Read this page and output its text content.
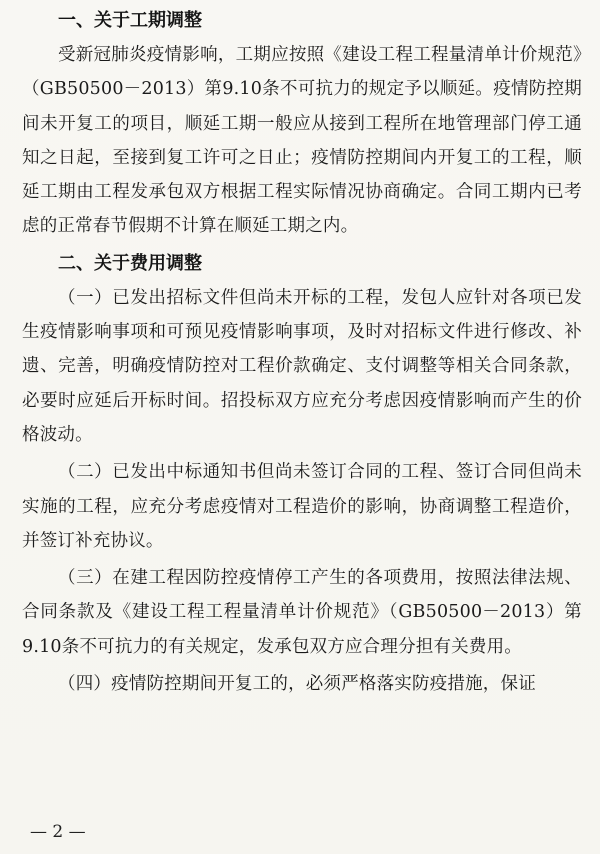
一、关于工期调整

受新冠肺炎疫情影响，工期应按照《建设工程工程量清单计价规范》（GB50500－2013）第9.10条不可抗力的规定予以顺延。疫情防控期间未开复工的项目，顺延工期一般应从接到工程所在地管理部门停工通知之日起，至接到复工许可之日止；疫情防控期间内开复工的工程，顺延工期由工程发承包双方根据工程实际情况协商确定。合同工期内已考虑的正常春节假期不计算在顺延工期之内。

二、关于费用调整

（一）已发出招标文件但尚未开标的工程，发包人应针对各项已发生疫情影响事项和可预见疫情影响事项，及时对招标文件进行修改、补遗、完善，明确疫情防控对工程价款确定、支付调整等相关合同条款，必要时应延后开标时间。招投标双方应充分考虑因疫情影响而产生的价格波动。

（二）已发出中标通知书但尚未签订合同的工程、签订合同但尚未实施的工程，应充分考虑疫情对工程造价的影响，协商调整工程造价，并签订补充协议。

（三）在建工程因防控疫情停工产生的各项费用，按照法律法规、合同条款及《建设工程工程量清单计价规范》（GB50500－2013）第9.10条不可抗力的有关规定，发承包双方应合理分担有关费用。

（四）疫情防控期间开复工的，必须严格落实防疫措施，保证

— 2 —
